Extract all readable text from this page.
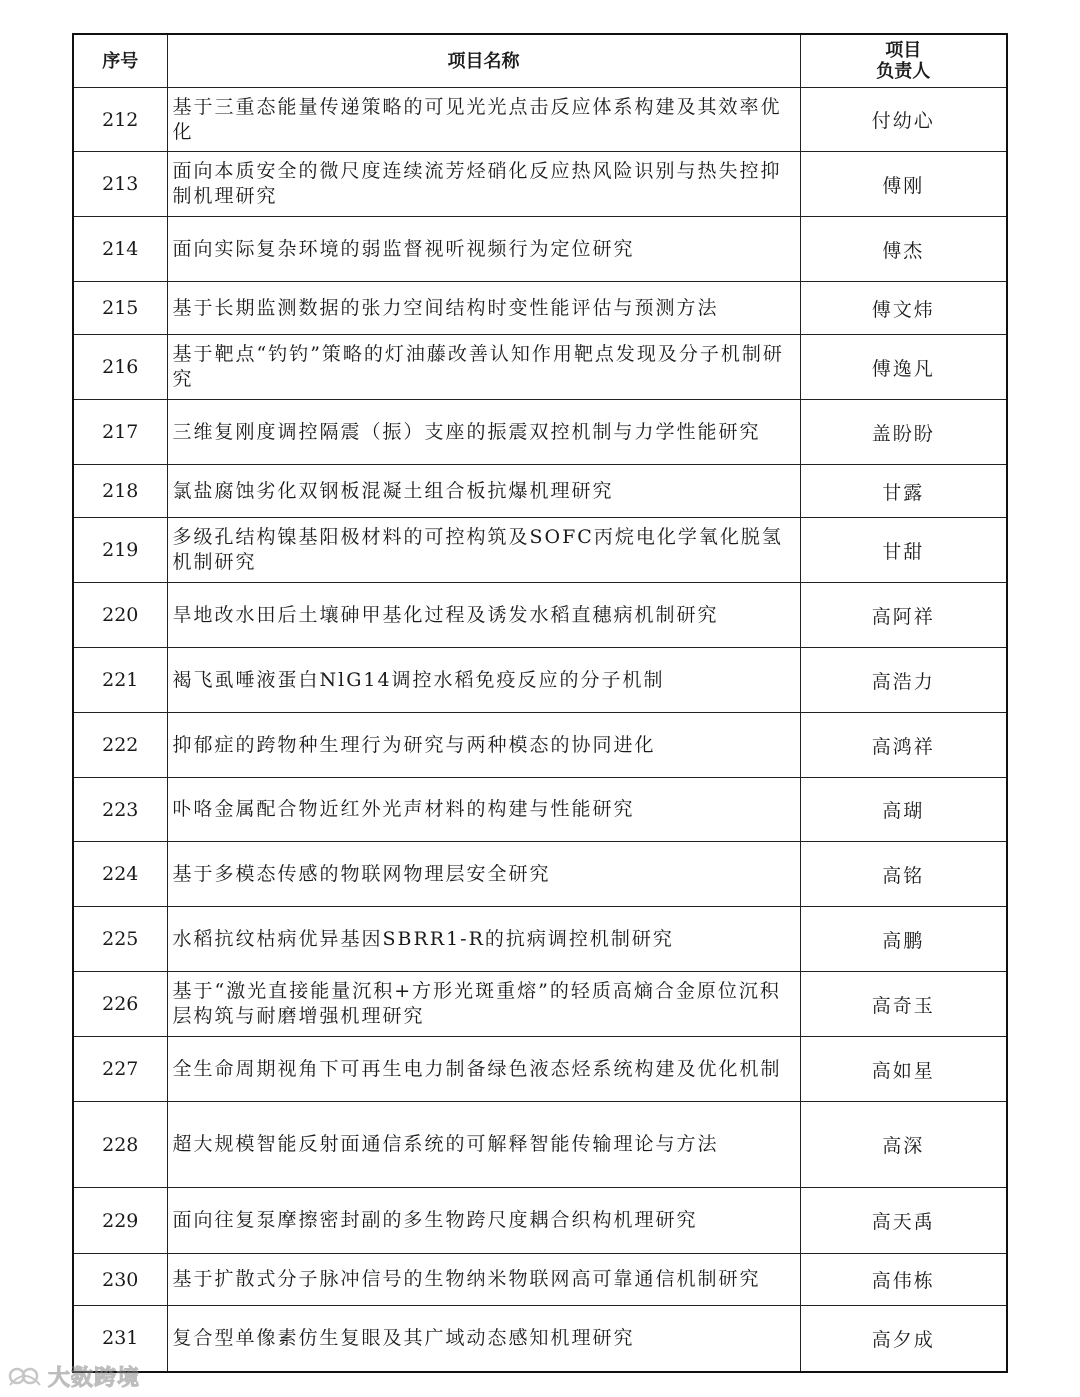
序号	项目名称	项目
负责人

212	基于三重态能量传递策略的可见光光点击反应体系构建及其效率优化	付幼心
213	面向本质安全的微尺度连续流芳烃硝化反应热风险识别与热失控抑制机理研究	傅刚
214	面向实际复杂环境的弱监督视听视频行为定位研究	傅杰
215	基于长期监测数据的张力空间结构时变性能评估与预测方法	傅文炜
216	基于靶点“钓钓”策略的灯油藤改善认知作用靶点发现及分子机制研究	傅逸凡
217	三维复刚度调控隔震（振）支座的振震双控机制与力学性能研究	盖盼盼
218	氯盐腐蚀劣化双钢板混凝土组合板抗爆机理研究	甘露
219	多级孔结构镍基阳极材料的可控构筑及SOFC丙烷电化学氧化脱氢机制研究	甘甜
220	旱地改水田后土壤砷甲基化过程及诱发水稻直穗病机制研究	高阿祥
221	褐飞虱唾液蛋白NlG14调控水稻免疫反应的分子机制	高浩力
222	抑郁症的跨物种生理行为研究与两种模态的协同进化	高鸿祥
223	卟咯金属配合物近红外光声材料的构建与性能研究	高瑚
224	基于多模态传感的物联网物理层安全研究	高铭
225	水稻抗纹枯病优异基因SBRR1-R的抗病调控机制研究	高鹏
226	基于“激光直接能量沉积+方形光斑重熔”的轻质高熵合金原位沉积层构筑与耐磨增强机理研究	高奇玉
227	全生命周期视角下可再生电力制备绿色液态烃系统构建及优化机制	高如星
228	超大规模智能反射面通信系统的可解释智能传输理论与方法	高深
229	面向往复泵摩擦密封副的多生物跨尺度耦合织构机理研究	高天禹
230	基于扩散式分子脉冲信号的生物纳米物联网高可靠通信机制研究	高伟栋
231	复合型单像素仿生复眼及其广域动态感知机理研究	高夕成
大数跨境
